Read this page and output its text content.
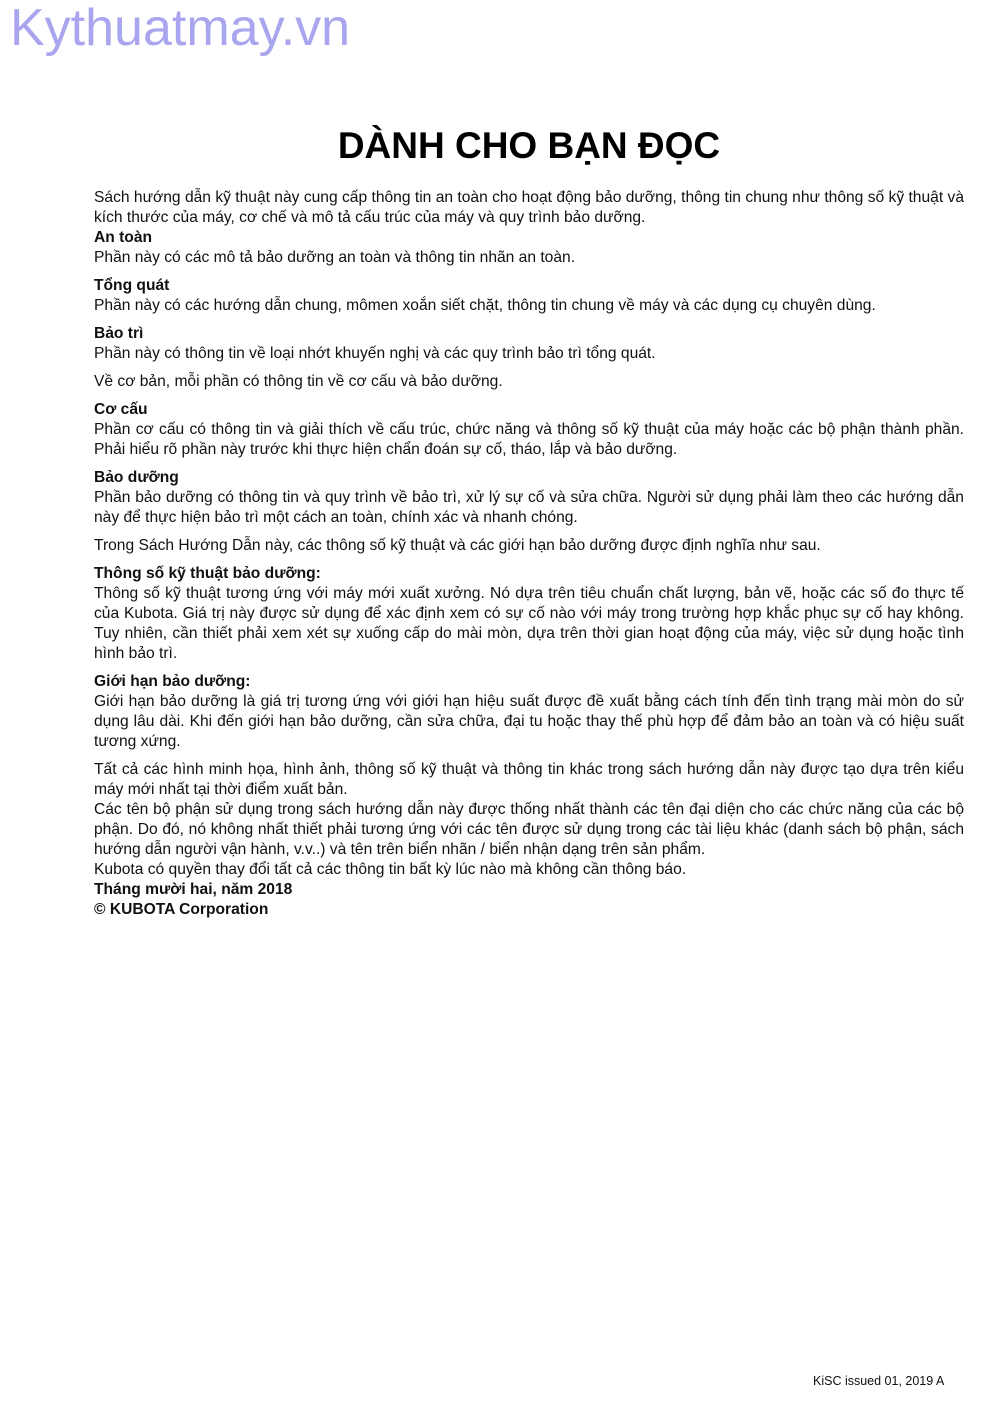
Kythuatmay.vn
DÀNH CHO BẠN ĐỌC

Sách hướng dẫn kỹ thuật này cung cấp thông tin an toàn cho hoạt động bảo dưỡng, thông tin chung như thông số kỹ thuật và kích thước của máy, cơ chế và mô tả cấu trúc của máy và quy trình bảo dưỡng.

An toàn

Phần này có các mô tả bảo dưỡng an toàn và thông tin nhãn an toàn.

Tổng quát

Phần này có các hướng dẫn chung, mômen xoắn siết chặt, thông tin chung về máy và các dụng cụ chuyên dùng.

Bảo trì

Phần này có thông tin về loại nhớt khuyến nghị và các quy trình bảo trì tổng quát.

Về cơ bản, mỗi phần có thông tin về cơ cấu và bảo dưỡng.

Cơ cấu

Phần cơ cấu có thông tin và giải thích về cấu trúc, chức năng và thông số kỹ thuật của máy hoặc các bộ phận thành phần. Phải hiểu rõ phần này trước khi thực hiện chẩn đoán sự cố, tháo, lắp và bảo dưỡng.

Bảo dưỡng

Phần bảo dưỡng có thông tin và quy trình về bảo trì, xử lý sự cố và sửa chữa. Người sử dụng phải làm theo các hướng dẫn này để thực hiện bảo trì một cách an toàn, chính xác và nhanh chóng.

Trong Sách Hướng Dẫn này, các thông số kỹ thuật và các giới hạn bảo dưỡng được định nghĩa như sau.

Thông số kỹ thuật bảo dưỡng:

Thông số kỹ thuật tương ứng với máy mới xuất xưởng. Nó dựa trên tiêu chuẩn chất lượng, bản vẽ, hoặc các số đo thực tế của Kubota. Giá trị này được sử dụng để xác định xem có sự cố nào với máy trong trường hợp khắc phục sự cố hay không. Tuy nhiên, cần thiết phải xem xét sự xuống cấp do mài mòn, dựa trên thời gian hoạt động của máy, việc sử dụng hoặc tình hình bảo trì.

Giới hạn bảo dưỡng:

Giới hạn bảo dưỡng là giá trị tương ứng với giới hạn hiệu suất được đề xuất bằng cách tính đến tình trạng mài mòn do sử dụng lâu dài. Khi đến giới hạn bảo dưỡng, cần sửa chữa, đại tu hoặc thay thế phù hợp để đảm bảo an toàn và có hiệu suất tương xứng.

Tất cả các hình minh họa, hình ảnh, thông số kỹ thuật và thông tin khác trong sách hướng dẫn này được tạo dựa trên kiểu máy mới nhất tại thời điểm xuất bản.

Các tên bộ phận sử dụng trong sách hướng dẫn này được thống nhất thành các tên đại diện cho các chức năng của các bộ phận. Do đó, nó không nhất thiết phải tương ứng với các tên được sử dụng trong các tài liệu khác (danh sách bộ phận, sách hướng dẫn người vận hành, v.v..) và tên trên biển nhãn / biển nhận dạng trên sản phẩm.

Kubota có quyền thay đổi tất cả các thông tin bất kỳ lúc nào mà không cần thông báo.

Tháng mười hai, năm 2018

© KUBOTA Corporation

KiSC issued 01, 2019 A
